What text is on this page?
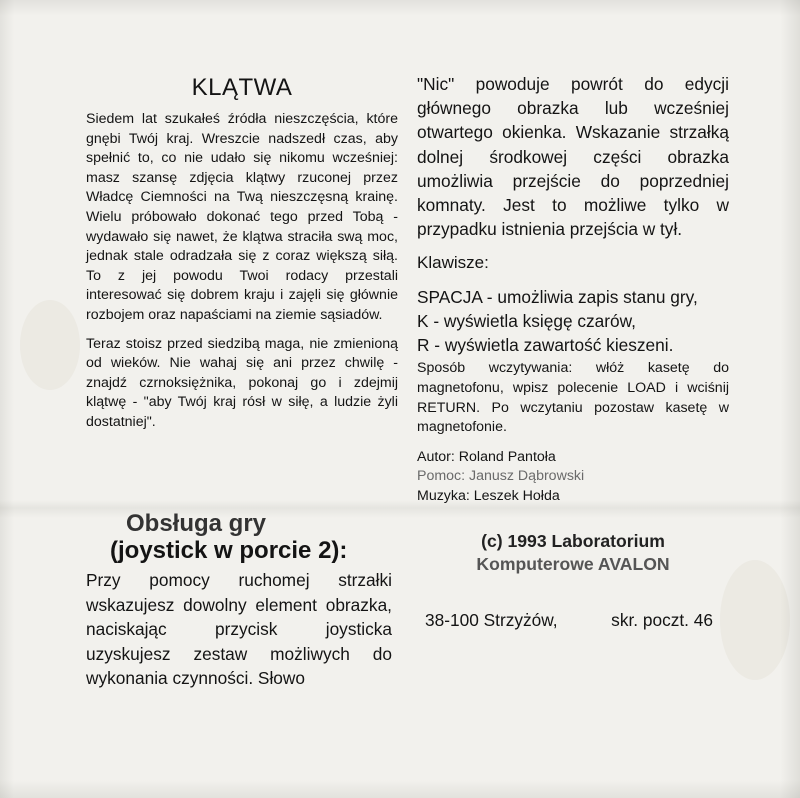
KLĄTWA

Siedem lat szukałeś źródła nieszczęścia, które gnębi Twój kraj. Wreszcie nadszedł czas, aby spełnić to, co nie udało się nikomu wcześniej: masz szansę zdjęcia klątwy rzuconej przez Władcę Ciemności na Twą nieszczęsną krainę. Wielu próbowało dokonać tego przed Tobą - wydawało się nawet, że klątwa straciła swą moc, jednak stale odradzała się z coraz większą siłą. To z jej powodu Twoi rodacy przestali interesować się dobrem kraju i zajęli się głównie rozbojem oraz napaściami na ziemie sąsiadów.

Teraz stoisz przed siedzibą maga, nie zmienioną od wieków. Nie wahaj się ani przez chwilę - znajdź czrnoksiężnika, pokonaj go i zdejmij klątwę - "aby Twój kraj rósł w siłę, a ludzie żyli dostatniej".

Obsługa gry
(joystick w porcie 2):

Przy pomocy ruchomej strzałki wskazujesz dowolny element obrazka, naciskając przycisk joysticka uzyskujesz zestaw możliwych do wykonania czynności. Słowo

"Nic" powoduje powrót do edycji głównego obrazka lub wcześniej otwartego okienka. Wskazanie strzałką dolnej środkowej części obrazka umożliwia przejście do poprzedniej komnaty. Jest to możliwe tylko w przypadku istnienia przejścia w tył.

Klawisze:
SPACJA - umożliwia zapis stanu gry,
K - wyświetla księgę czarów,
R - wyświetla zawartość kieszeni.

Sposób wczytywania: włóż kasetę do magnetofonu, wpisz polecenie LOAD i wciśnij RETURN. Po wczytaniu pozostaw kasetę w magnetofonie.

Autor: Roland Pantoła
Pomoc: Janusz Dąbrowski
Muzyka: Leszek Hołda
(c) 1993 Laboratorium
Komputerowe AVALON
38-100 Strzyżów,	skr. poczt. 46
